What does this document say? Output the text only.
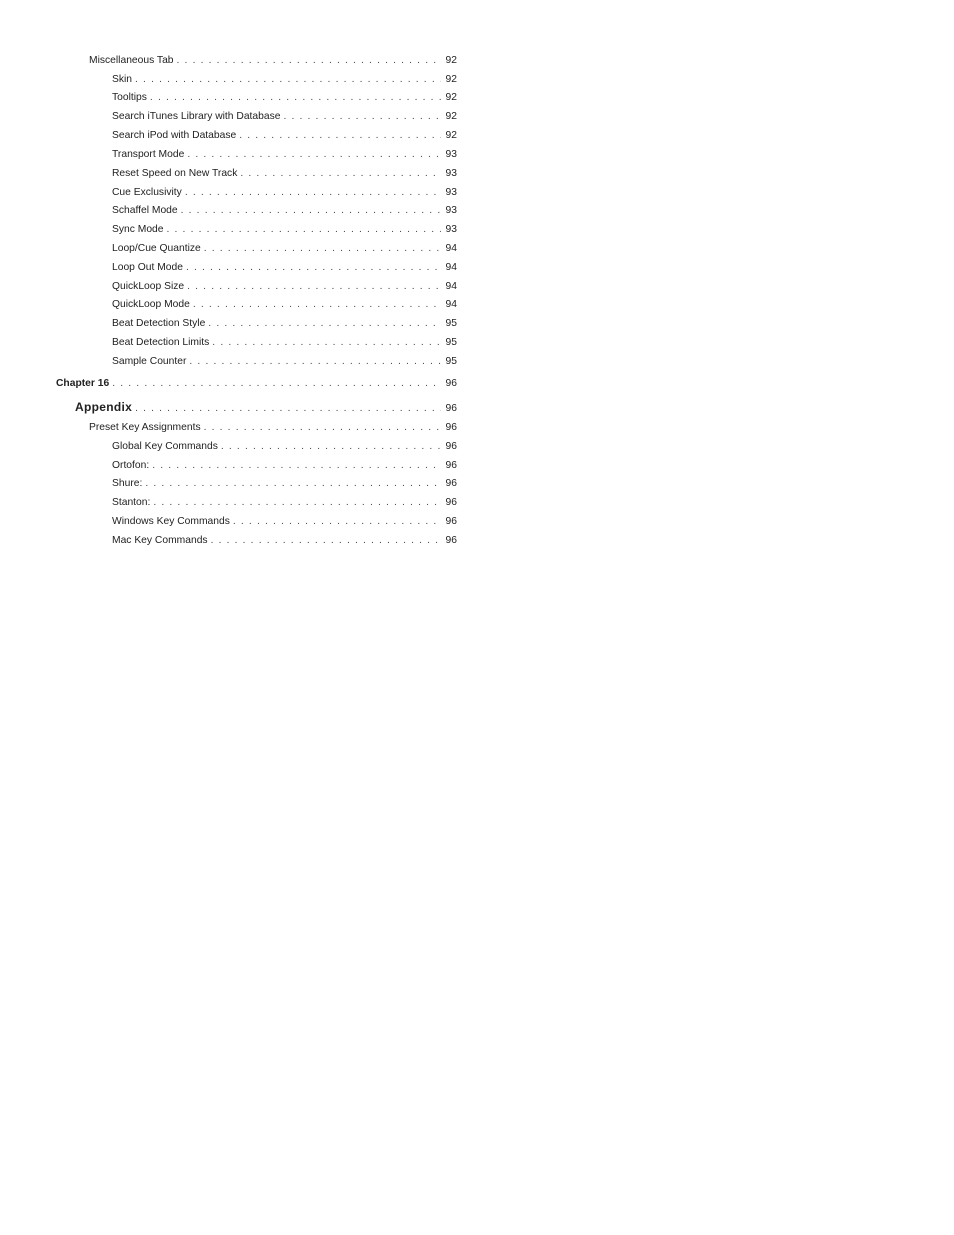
Miscellaneous Tab . . .	92
Skin . . .	92
Tooltips . . .	92
Search iTunes Library with Database . . .	92
Search iPod with Database . . .	92
Transport Mode . . .	93
Reset Speed on New Track . . .	93
Cue Exclusivity . . .	93
Schaffel Mode . . .	93
Sync Mode . . .	93
Loop/Cue Quantize . . .	94
Loop Out Mode . . .	94
QuickLoop Size . . .	94
QuickLoop Mode . . .	94
Beat Detection Style . . .	95
Beat Detection Limits . . .	95
Sample Counter . . .	95
Chapter 16 . . .	96
Appendix . . .	96
Preset Key Assignments . . .	96
Global Key Commands . . .	96
Ortofon: . . .	96
Shure: . . .	96
Stanton: . . .	96
Windows Key Commands . . .	96
Mac Key Commands . . .	96
